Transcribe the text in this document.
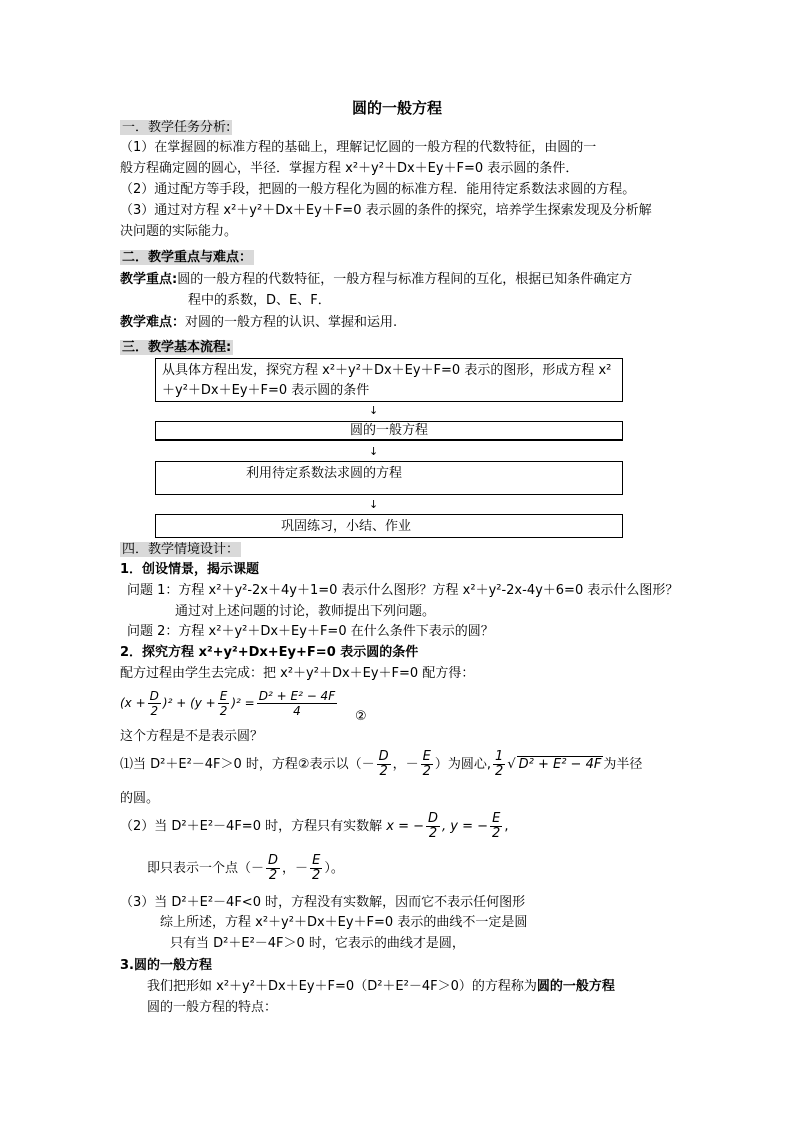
圆的一般方程
一．教学任务分析:
（1）在掌握圆的标准方程的基础上，理解记忆圆的一般方程的代数特征，由圆的一
般方程确定圆的圆心，半径．掌握方程 x²＋y²＋Dx＋Ey＋F=0 表示圆的条件．
（2）通过配方等手段，把圆的一般方程化为圆的标准方程．能用待定系数法求圆的方程。
（3）通过对方程 x²＋y²＋Dx＋Ey＋F=0 表示圆的条件的探究，培养学生探索发现及分析解
决问题的实际能力。
二．教学重点与难点：
教学重点:圆的一般方程的代数特征，一般方程与标准方程间的互化，根据已知条件确定方
程中的系数，D、E、F．
教学难点：对圆的一般方程的认识、掌握和运用.
三．教学基本流程:
从具体方程出发，探究方程 x²＋y²＋Dx＋Ey＋F=0 表示的图形，形成方程 x²
＋y²＋Dx＋Ey＋F=0 表示圆的条件
↓
圆的一般方程
↓
利用待定系数法求圆的方程
↓
巩固练习，小结、作业
四．教学情境设计：
1．创设情景，揭示课题
问题 1：方程 x²＋y²-2x＋4y＋1=0 表示什么图形？方程 x²＋y²-2x-4y＋6=0 表示什么图形？
通过对上述问题的讨论，教师提出下列问题。
问题 2：方程 x²＋y²＋Dx＋Ey＋F=0 在什么条件下表示的圆？
2．探究方程 x²+y²+Dx+Ey+F=0 表示圆的条件
配方过程由学生去完成：把 x²＋y²＋Dx＋Ey＋F=0 配方得：
$(x + \frac{D}{2} )^2 + (y + \frac{E}{2} )^2 = \frac{\text{D² + E² − 4F}}{4}$ ②
这个方程是不是表示圆？
⑴当 D²＋E²－4F＞0 时，方程②表示以（－ $\frac{D}{2}$ ，－ $\frac{E}{2}$ ）为圆心, $\frac{1}{2}$ √ D² + E² − 4F 为半径
的圆。
（2）当 D²＋E²－4F=0 时，方程只有实数解 x = − $\frac{D}{2}$ , y = − $\frac{E}{2}$ ,
即只表示一个点（－ $\frac{D}{2}$ ，－ $\frac{E}{2}$ ）。
（3）当 D²＋E²－4F<0 时，方程没有实数解，因而它不表示任何图形
综上所述，方程 x²＋y²＋Dx＋Ey＋F=0 表示的曲线不一定是圆
只有当 D²＋E²－4F＞0 时，它表示的曲线才是圆，
3.圆的一般方程
我们把形如 x²＋y²＋Dx＋Ey＋F=0（D²＋E²－4F＞0）的方程称为圆的一般方程
圆的一般方程的特点：
